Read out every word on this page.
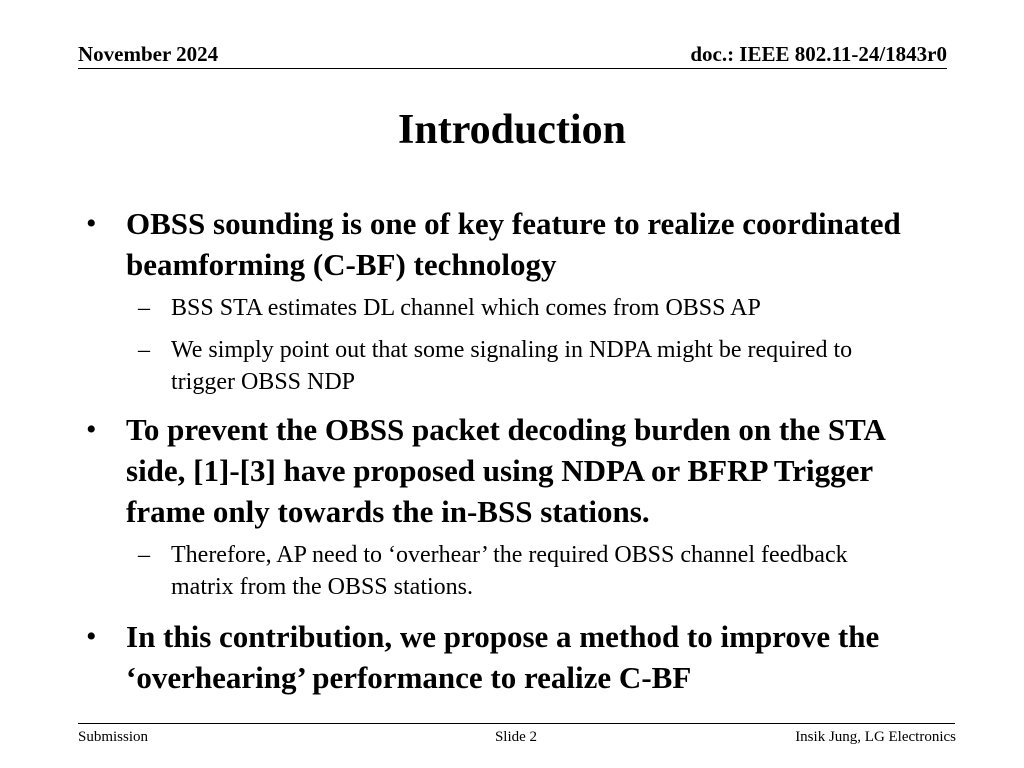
November 2024	doc.: IEEE 802.11-24/1843r0
Introduction
• OBSS sounding is one of key feature to realize coordinated beamforming (C-BF) technology
– BSS STA estimates DL channel which comes from OBSS AP
– We simply point out that some signaling in NDPA might be required to trigger OBSS NDP
• To prevent the OBSS packet decoding burden on the STA side, [1]-[3] have proposed using NDPA or BFRP Trigger frame only towards the in-BSS stations.
– Therefore, AP need to ‘overhear’ the required OBSS channel feedback matrix from the OBSS stations.
• In this contribution, we propose a method to improve the ‘overhearing’ performance to realize C-BF
Submission	Slide 2	Insik Jung, LG Electronics
